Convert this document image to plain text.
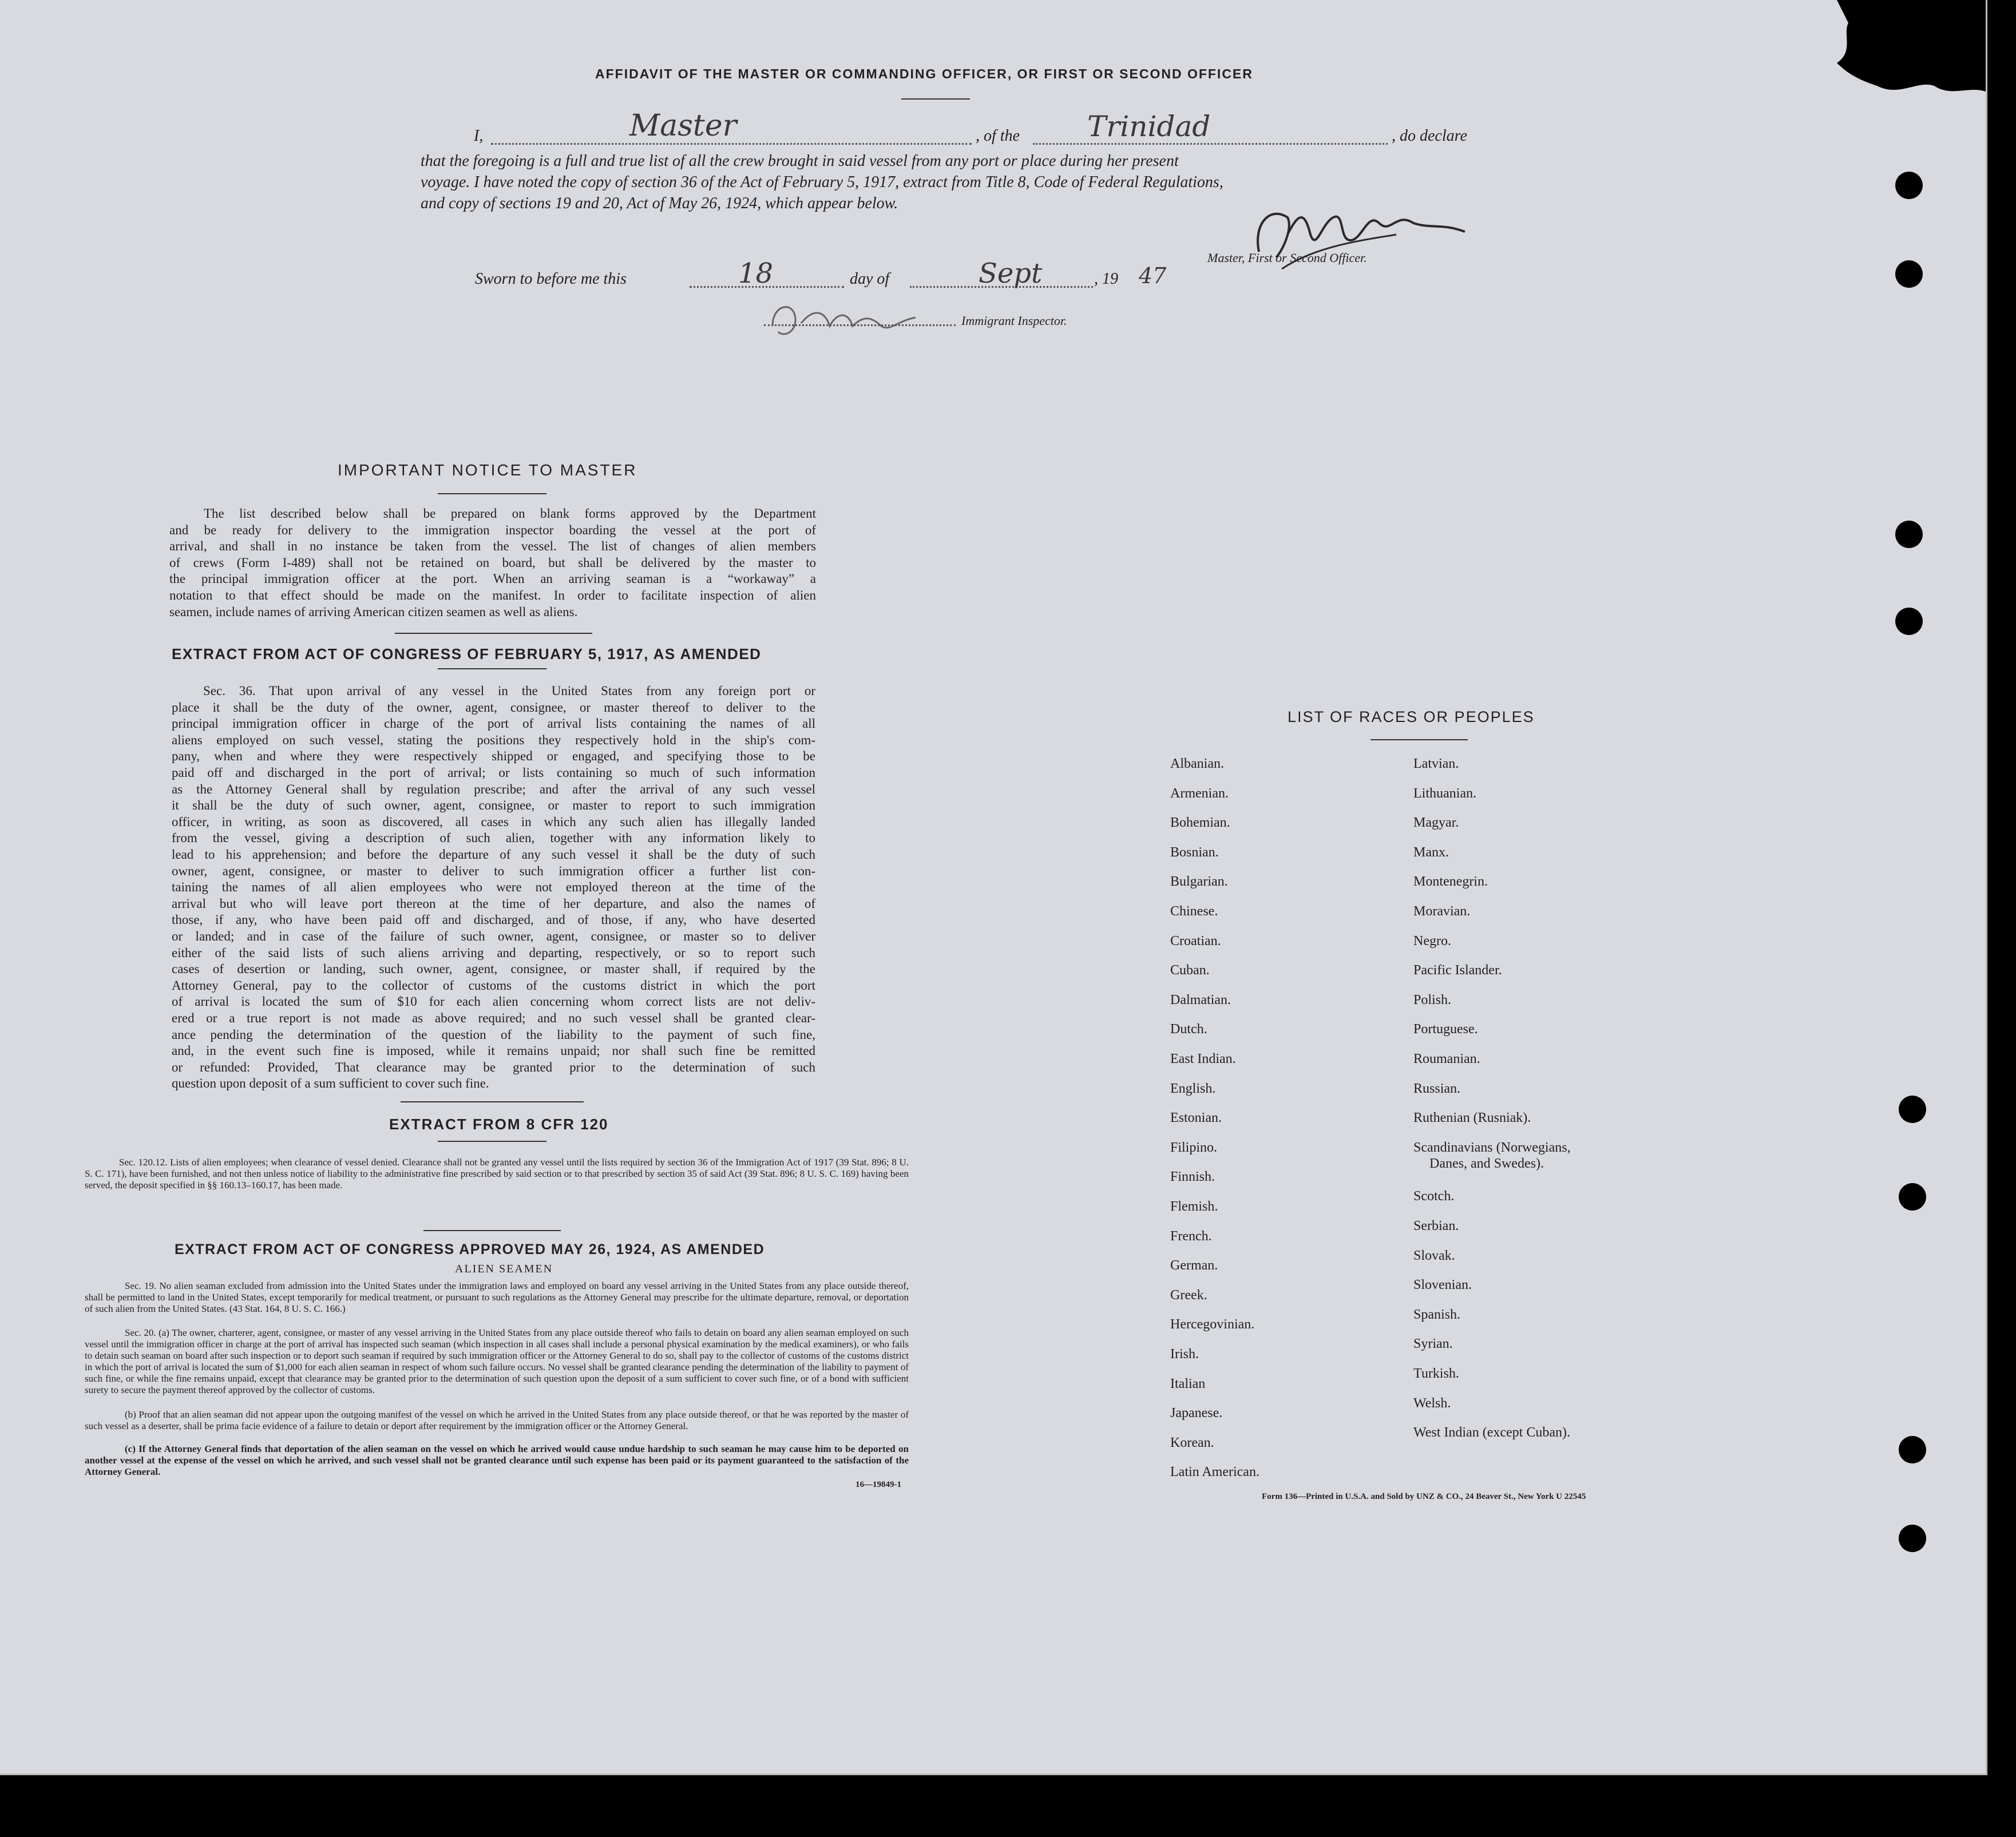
AFFIDAVIT OF THE MASTER OR COMMANDING OFFICER, OR FIRST OR SECOND OFFICER
I,	Master	, of the Trinidad	, do declare
that the foregoing is a full and true list of all the crew brought in said vessel from any port or place during her present
voyage. I have noted the copy of section 36 of the Act of February 5, 1917, extract from Title 8, Code of Federal Regulations,
and copy of sections 19 and 20, Act of May 26, 1924, which appear below.
Master, First or Second Officer.
Sworn to before me this	18	day of	Sept	, 19 47
Immigrant Inspector.
IMPORTANT NOTICE TO MASTER
The list described below shall be prepared on blank forms approved by the Department
and be ready for delivery to the immigration inspector boarding the vessel at the port of
arrival, and shall in no instance be taken from the vessel. The list of changes of alien members
of crews (Form I-489) shall not be retained on board, but shall be delivered by the master to
the principal immigration officer at the port. When an arriving seaman is a “workaway” a
notation to that effect should be made on the manifest. In order to facilitate inspection of alien
seamen, include names of arriving American citizen seamen as well as aliens.
EXTRACT FROM ACT OF CONGRESS OF FEBRUARY 5, 1917, AS AMENDED
Sec. 36. That upon arrival of any vessel in the United States from any foreign port or
place it shall be the duty of the owner, agent, consignee, or master thereof to deliver to the
principal immigration officer in charge of the port of arrival lists containing the names of all
aliens employed on such vessel, stating the positions they respectively hold in the ship's com-
pany, when and where they were respectively shipped or engaged, and specifying those to be
paid off and discharged in the port of arrival; or lists containing so much of such information
as the Attorney General shall by regulation prescribe; and after the arrival of any such vessel
it shall be the duty of such owner, agent, consignee, or master to report to such immigration
officer, in writing, as soon as discovered, all cases in which any such alien has illegally landed
from the vessel, giving a description of such alien, together with any information likely to
lead to his apprehension; and before the departure of any such vessel it shall be the duty of such
owner, agent, consignee, or master to deliver to such immigration officer a further list con-
taining the names of all alien employees who were not employed thereon at the time of the
arrival but who will leave port thereon at the time of her departure, and also the names of
those, if any, who have been paid off and discharged, and of those, if any, who have deserted
or landed; and in case of the failure of such owner, agent, consignee, or master so to deliver
either of the said lists of such aliens arriving and departing, respectively, or so to report such
cases of desertion or landing, such owner, agent, consignee, or master shall, if required by the
Attorney General, pay to the collector of customs of the customs district in which the port
of arrival is located the sum of $10 for each alien concerning whom correct lists are not deliv-
ered or a true report is not made as above required; and no such vessel shall be granted clear-
ance pending the determination of the question of the liability to the payment of such fine,
and, in the event such fine is imposed, while it remains unpaid; nor shall such fine be remitted
or refunded: Provided, That clearance may be granted prior to the determination of such
question upon deposit of a sum sufficient to cover such fine.
EXTRACT FROM 8 CFR 120
Sec. 120.12. Lists of alien employees; when clearance of vessel denied. Clearance shall not be granted any vessel until the lists required by section 36 of the Immigration Act of 1917 (39 Stat. 896; 8 U. S. C. 171), have been furnished, and not then unless notice of liability to the administrative fine prescribed by said section or to that prescribed by section 35 of said Act (39 Stat. 896; 8 U. S. C. 169) having been served, the deposit specified in §§ 160.13–160.17, has been made.
EXTRACT FROM ACT OF CONGRESS APPROVED MAY 26, 1924, AS AMENDED
ALIEN SEAMEN
Sec. 19. No alien seaman excluded from admission into the United States under the immigration laws and employed on board any vessel arriving in the United States from any place outside thereof, shall be permitted to land in the United States, except temporarily for medical treatment, or pursuant to such regulations as the Attorney General may prescribe for the ultimate departure, removal, or deportation of such alien from the United States. (43 Stat. 164, 8 U. S. C. 166.)
Sec. 20. (a) The owner, charterer, agent, consignee, or master of any vessel arriving in the United States from any place outside thereof who fails to detain on board any alien seaman employed on such vessel until the immigration officer in charge at the port of arrival has inspected such seaman (which inspection in all cases shall include a personal physical examination by the medical examiners), or who fails to detain such seaman on board after such inspection or to deport such seaman if required by such immigration officer or the Attorney General to do so, shall pay to the collector of customs of the customs district in which the port of arrival is located the sum of $1,000 for each alien seaman in respect of whom such failure occurs. No vessel shall be granted clearance pending the determination of the liability to payment of such fine, or while the fine remains unpaid, except that clearance may be granted prior to the determination of such question upon the deposit of a sum sufficient to cover such fine, or of a bond with sufficient surety to secure the payment thereof approved by the collector of customs.
(b) Proof that an alien seaman did not appear upon the outgoing manifest of the vessel on which he arrived in the United States from any place outside thereof, or that he was reported by the master of such vessel as a deserter, shall be prima facie evidence of a failure to detain or deport after requirement by the immigration officer or the Attorney General.
(c) If the Attorney General finds that deportation of the alien seaman on the vessel on which he arrived would cause undue hardship to such seaman he may cause him to be deported on another vessel at the expense of the vessel on which he arrived, and such vessel shall not be granted clearance until such expense has been paid or its payment guaranteed to the satisfaction of the Attorney General.
16—19849-1
LIST OF RACES OR PEOPLES
Albanian.
Armenian.
Bohemian.
Bosnian.
Bulgarian.
Chinese.
Croatian.
Cuban.
Dalmatian.
Dutch.
East Indian.
English.
Estonian.
Filipino.
Finnish.
Flemish.
French.
German.
Greek.
Hercegovinian.
Irish.
Italian
Japanese.
Korean.
Latin American.
Latvian.
Lithuanian.
Magyar.
Manx.
Montenegrin.
Moravian.
Negro.
Pacific Islander.
Polish.
Portuguese.
Roumanian.
Russian.
Ruthenian (Rusniak).
Scandinavians (Norwegians,
Danes, and Swedes).
Scotch.
Serbian.
Slovak.
Slovenian.
Spanish.
Syrian.
Turkish.
Welsh.
West Indian (except Cuban).
Form 136—Printed in U.S.A. and Sold by UNZ & CO., 24 Beaver St., New York U 22545
